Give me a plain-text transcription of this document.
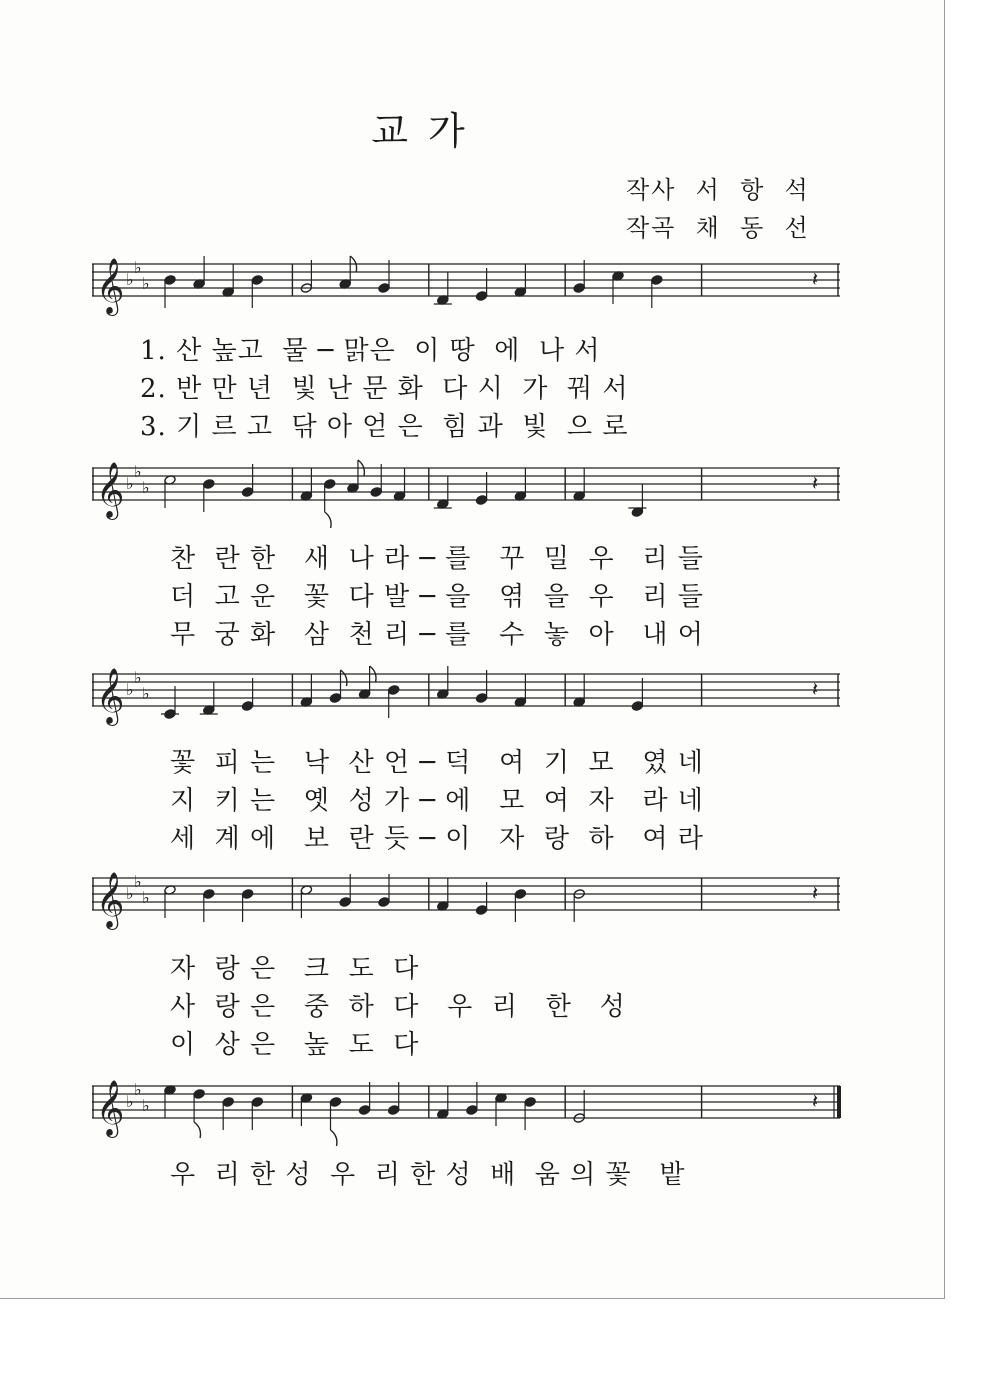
교 가
작사  서  항  석
작곡  채  동  선
𝄞 ♭
♭
♭	𝄽
1. 산 높고  물 ─ 맑은  이 땅  에  나 서
2. 반 만 년  빛 난 문 화  다 시  가  꿔 서
3. 기 르 고  닦 아 얻 은  힘 과  빛  으 로
𝄞 ♭
♭
♭	𝄽
찬  란 한   새  나 라 ─ 를   꾸  밀  우   리 들
더  고 운   꽃  다 발 ─ 을   엮  을  우   리 들
무  궁 화   삼  천 리 ─ 를   수  놓  아   내 어
𝄞 ♭
♭
♭	𝄽
꽃  피 는   낙  산 언 ─ 덕   여  기  모   였 네
지  키 는   옛  성 가 ─ 에   모  여  자   라 네
세  계 에   보  란 듯 ─ 이   자  랑  하   여 라
𝄞 ♭
♭
♭	𝄽
자  랑 은   크  도  다
사  랑 은   중  하  다   우  리   한   성
이  상 은   높  도  다
𝄞 ♭
♭
♭	𝄽
우  리 한 성  우  리 한 성  배  움 의 꽃   밭
